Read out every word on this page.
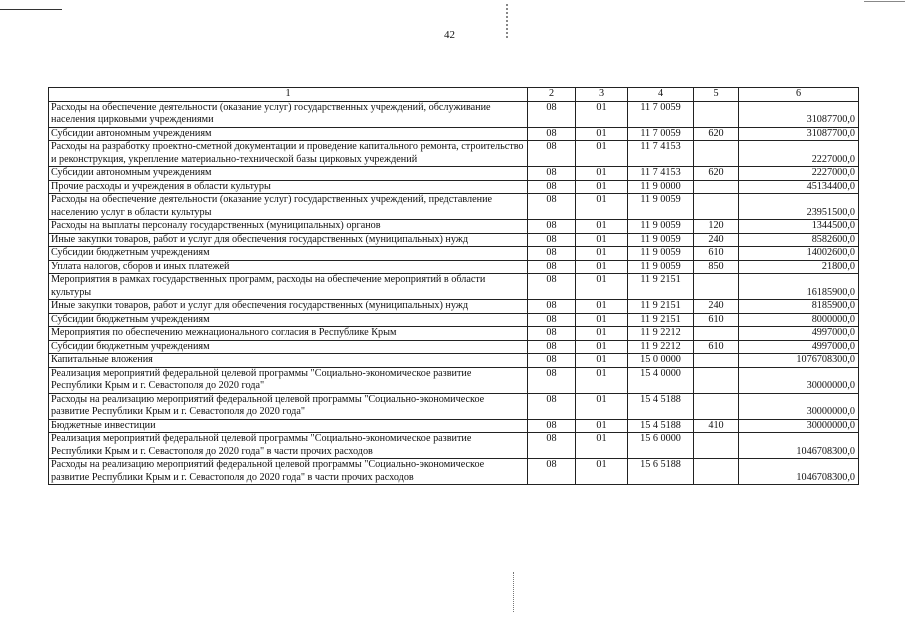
42
1	2	3	4	5	6
Расходы на обеспечение деятельности (оказание услуг) государственных учреждений, обслуживание населения цирковыми учреждениями	08	01	11 7 0059		31087700,0
Субсидии автономным учреждениям	08	01	11 7 0059	620	31087700,0
Расходы на разработку проектно-сметной документации и проведение капитального ремонта, строительство и реконструкция, укрепление материально-технической базы цирковых учреждений	08	01	11 7 4153		2227000,0
Субсидии автономным учреждениям	08	01	11 7 4153	620	2227000,0
Прочие расходы и учреждения в области культуры	08	01	11 9 0000		45134400,0
Расходы на обеспечение деятельности (оказание услуг) государственных учреждений, представление населению услуг в области культуры	08	01	11 9 0059		23951500,0
Расходы на выплаты персоналу государственных (муниципальных) органов	08	01	11 9 0059	120	1344500,0
Иные закупки товаров, работ и услуг для обеспечения государственных (муниципальных) нужд	08	01	11 9 0059	240	8582600,0
Субсидии бюджетным учреждениям	08	01	11 9 0059	610	14002600,0
Уплата налогов, сборов и иных платежей	08	01	11 9 0059	850	21800,0
Мероприятия в рамках государственных программ, расходы на обеспечение мероприятий в области культуры	08	01	11 9 2151		16185900,0
Иные закупки товаров, работ и услуг для обеспечения государственных (муниципальных) нужд	08	01	11 9 2151	240	8185900,0
Субсидии бюджетным учреждениям	08	01	11 9 2151	610	8000000,0
Мероприятия по обеспечению межнационального согласия в Республике Крым	08	01	11 9 2212		4997000,0
Субсидии бюджетным учреждениям	08	01	11 9 2212	610	4997000,0
Капитальные вложения	08	01	15 0 0000		1076708300,0
Реализация мероприятий федеральной целевой программы "Социально-экономическое развитие Республики Крым и г. Севастополя до 2020 года"	08	01	15 4 0000		30000000,0
Расходы на реализацию мероприятий федеральной целевой программы "Социально-экономическое развитие Республики Крым и г. Севастополя до 2020 года"	08	01	15 4 5188		30000000,0
Бюджетные инвестиции	08	01	15 4 5188	410	30000000,0
Реализация мероприятий федеральной целевой программы "Социально-экономическое развитие Республики Крым и г. Севастополя до 2020 года" в части прочих расходов	08	01	15 6 0000		1046708300,0
Расходы на реализацию мероприятий федеральной целевой программы "Социально-экономическое развитие Республики Крым и г. Севастополя до 2020 года" в части прочих расходов	08	01	15 6 5188		1046708300,0
